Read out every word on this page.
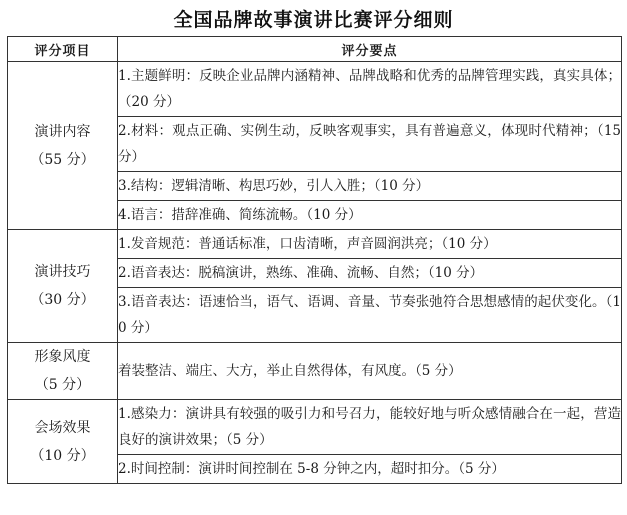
全国品牌故事演讲比赛评分细则
评分项目	评分要点

演讲内容
（55 分）	1.主题鲜明：反映企业品牌内涵精神、品牌战略和优秀的品牌管理实践，真实具体；（20 分）
	2.材料：观点正确、实例生动，反映客观事实，具有普遍意义，体现时代精神；（15 分）
	3.结构：逻辑清晰、构思巧妙，引人入胜；（10 分）
	4.语言：措辞准确、简练流畅。（10 分）

演讲技巧
（30 分）	1.发音规范：普通话标准，口齿清晰，声音圆润洪亮；（10 分）
	2.语音表达：脱稿演讲，熟练、准确、流畅、自然；（10 分）
	3.语音表达：语速恰当，语气、语调、音量、节奏张弛符合思想感情的起伏变化。（10 分）

形象风度
（5 分）	着装整洁、端庄、大方，举止自然得体，有风度。（5 分）

会场效果
（10 分）	1.感染力：演讲具有较强的吸引力和号召力，能较好地与听众感情融合在一起，营造良好的演讲效果；（5 分）
	2.时间控制：演讲时间控制在 5-8 分钟之内，超时扣分。（5 分）
